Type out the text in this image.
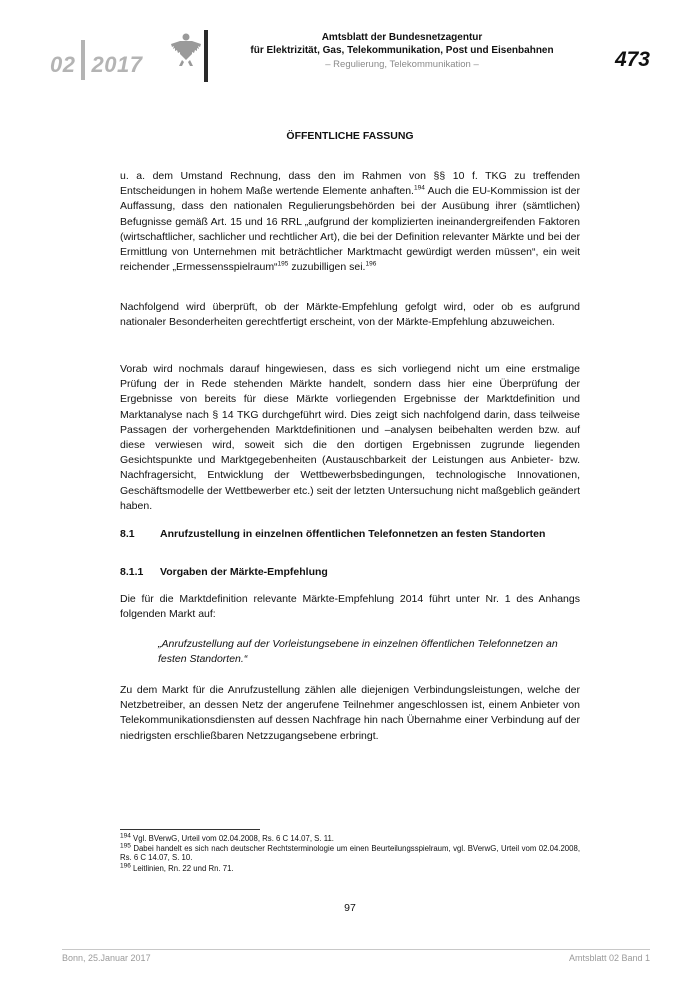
02 2017
Amtsblatt der Bundesnetzagentur
für Elektrizität, Gas, Telekommunikation, Post und Eisenbahnen
– Regulierung, Telekommunikation –	473
ÖFFENTLICHE FASSUNG
u. a. dem Umstand Rechnung, dass den im Rahmen von §§ 10 f. TKG zu treffenden Entscheidungen in hohem Maße wertende Elemente anhaften.$^{194}$ Auch die EU-Kommission ist der Auffassung, dass den nationalen Regulierungsbehörden bei der Ausübung ihrer (sämtlichen) Befugnisse gemäß Art. 15 und 16 RRL „aufgrund der komplizierten ineinandergreifenden Faktoren (wirtschaftlicher, sachlicher und rechtlicher Art), die bei der Definition relevanter Märkte und bei der Ermittlung von Unternehmen mit beträchtlicher Marktmacht gewürdigt werden müssen“, ein weit reichender „Ermessensspielraum“$^{195}$ zuzubilligen sei.$^{196}$
Nachfolgend wird überprüft, ob der Märkte-Empfehlung gefolgt wird, oder ob es aufgrund nationaler Besonderheiten gerechtfertigt erscheint, von der Märkte-Empfehlung abzuweichen.
Vorab wird nochmals darauf hingewiesen, dass es sich vorliegend nicht um eine erstmalige Prüfung der in Rede stehenden Märkte handelt, sondern dass hier eine Überprüfung der Ergebnisse von bereits für diese Märkte vorliegenden Ergebnisse der Marktdefinition und Marktanalyse nach § 14 TKG durchgeführt wird. Dies zeigt sich nachfolgend darin, dass teilweise Passagen der vorhergehenden Marktdefinitionen und –analysen beibehalten werden bzw. auf diese verwiesen wird, soweit sich die den dortigen Ergebnissen zugrunde liegenden Gesichtspunkte und Marktgegebenheiten (Austauschbarkeit der Leistungen aus Anbieter- bzw. Nachfragersicht, Entwicklung der Wettbewerbsbedingungen, technologische Innovationen, Geschäftsmodelle der Wettbewerber etc.) seit der letzten Untersuchung nicht maßgeblich geändert haben.
8.1 Anrufzustellung in einzelnen öffentlichen Telefonnetzen an festen Standorten
8.1.1 Vorgaben der Märkte-Empfehlung
Die für die Marktdefinition relevante Märkte-Empfehlung 2014 führt unter Nr. 1 des Anhangs folgenden Markt auf:
„Anrufzustellung auf der Vorleistungsebene in einzelnen öffentlichen Telefonnetzen an festen Standorten.“
Zu dem Markt für die Anrufzustellung zählen alle diejenigen Verbindungsleistungen, welche der Netzbetreiber, an dessen Netz der angerufene Teilnehmer angeschlossen ist, einem Anbieter von Telekommunikationsdiensten auf dessen Nachfrage hin nach Übernahme einer Verbindung auf der niedrigsten erschließbaren Netzzugangsebene erbringt.
$^{194}$ Vgl. BVerwG, Urteil vom 02.04.2008, Rs. 6 C 14.07, S. 11.
$^{195}$ Dabei handelt es sich nach deutscher Rechtsterminologie um einen Beurteilungsspielraum, vgl. BVerwG, Urteil vom 02.04.2008, Rs. 6 C 14.07, S. 10.
$^{196}$ Leitlinien, Rn. 22 und Rn. 71.
97
Bonn, 25.Januar 2017	Amtsblatt 02 Band 1
